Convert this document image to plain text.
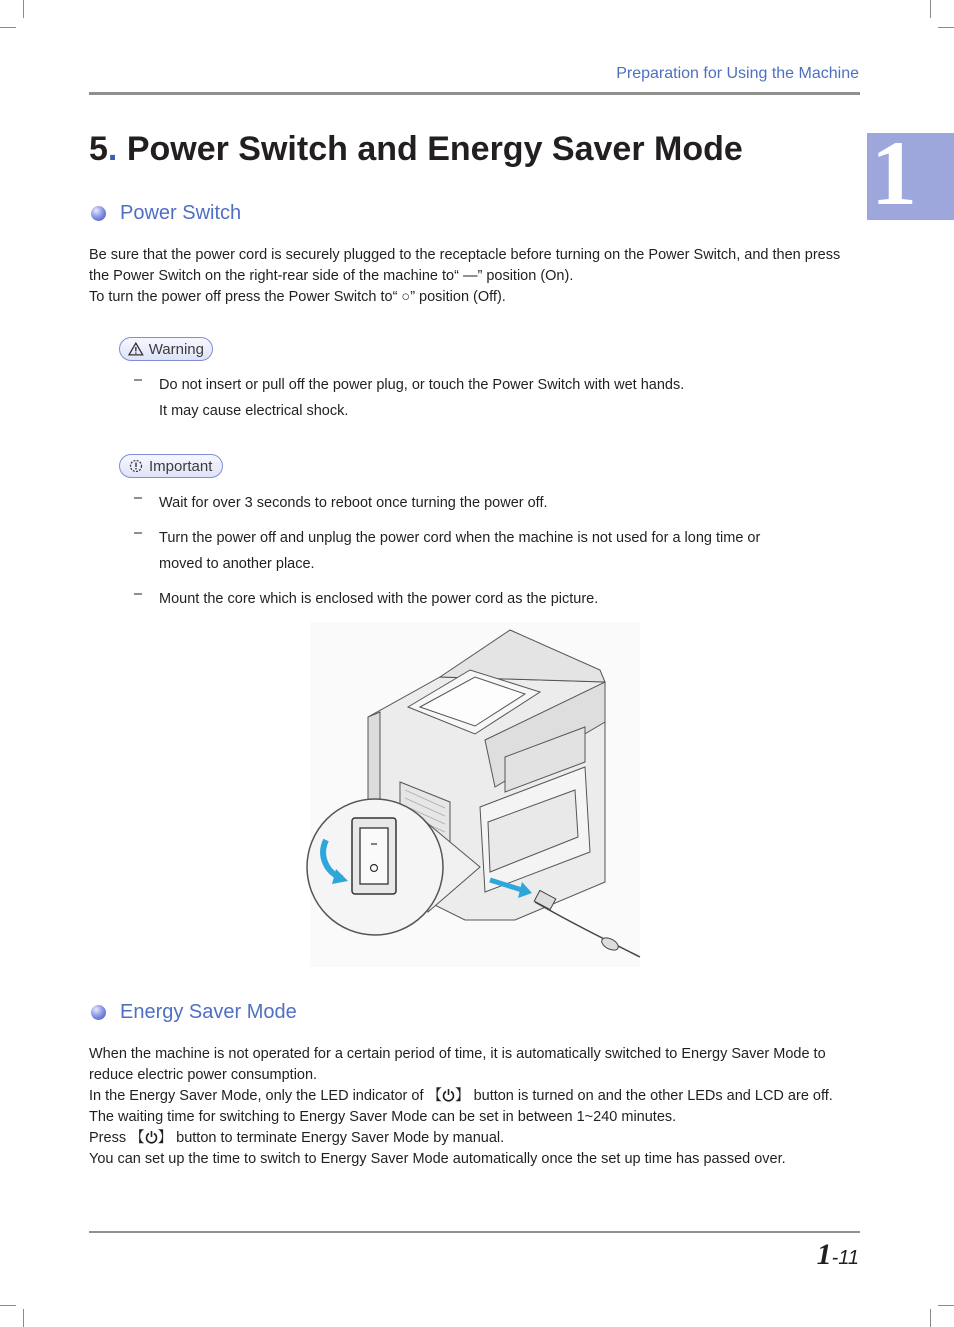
Preparation for Using the Machine
1
5. Power Switch and Energy Saver Mode
Power Switch

Be sure that the power cord is securely plugged to the receptacle before turning on the Power Switch, and then press the Power Switch on the right-rear side of the machine to“ —” position (On).

To turn the power off press the Power Switch to“ ○” position (Off).

Warning
– Do not insert or pull off the power plug, or touch the Power Switch with wet hands.
It may cause electrical shock.
Important
– Wait for over 3 seconds to reboot once turning the power off.
– Turn the power off and unplug the power cord when the machine is not used for a long time or
moved to another place.
– Mount the core which is enclosed with the power cord as the picture.
Energy Saver Mode

When the machine is not operated for a certain period of time, it is automatically switched to Energy Saver Mode to reduce electric power consumption.

In the Energy Saver Mode, only the LED indicator of 【 】 button is turned on and the other LEDs and LCD are off.

The waiting time for switching to Energy Saver Mode can be set in between 1~240 minutes.

Press 【 】 button to terminate Energy Saver Mode by manual.

You can set up the time to switch to Energy Saver Mode automatically once the set up time has passed over.

1 -11
